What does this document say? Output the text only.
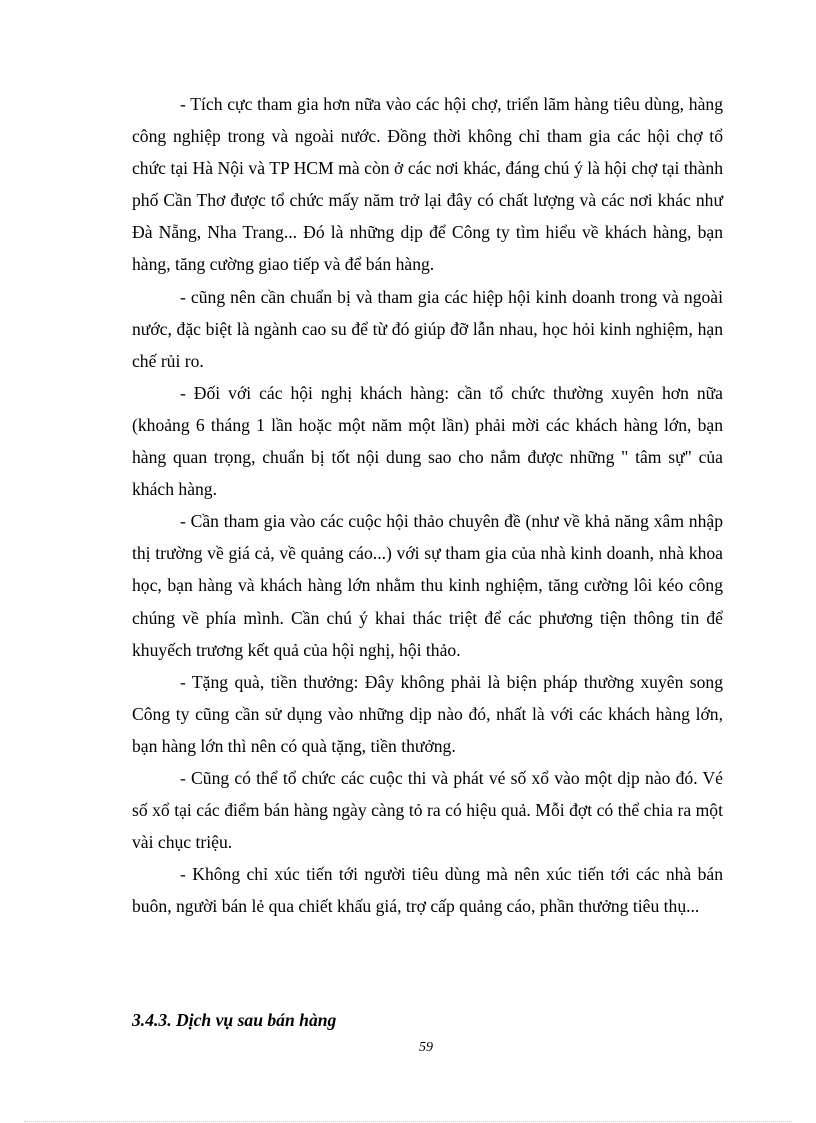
- Tích cực tham gia hơn nữa vào các hội chợ, triển lãm hàng tiêu dùng, hàng công nghiệp trong và ngoài nước. Đồng thời không chỉ tham gia các hội chợ tổ chức tại Hà Nội và TP HCM mà còn ở các nơi khác, đáng chú ý là hội chợ tại thành phố Cần Thơ được tổ chức mấy năm trở lại đây có chất lượng và các nơi khác như Đà Nẵng, Nha Trang... Đó là những dịp để Công ty tìm hiểu về khách hàng, bạn hàng, tăng cường giao tiếp và để bán hàng.

- cũng nên cần chuẩn bị và tham gia các hiệp hội kinh doanh trong và ngoài nước, đặc biệt là ngành cao su để từ đó giúp đỡ lẫn nhau, học hỏi kinh nghiệm, hạn chế rủi ro.

- Đối với các hội nghị khách hàng: cần tổ chức thường xuyên hơn nữa (khoảng 6 tháng 1 lần hoặc một năm một lần) phải mời các khách hàng lớn, bạn hàng quan trọng, chuẩn bị tốt nội dung sao cho nắm được những " tâm sự" của khách hàng.

- Cần tham gia vào các cuộc hội thảo chuyên đề (như về khả năng xâm nhập thị trường về giá cả, về quảng cáo...) với sự tham gia của nhà kinh doanh, nhà khoa học, bạn hàng và khách hàng lớn nhằm thu kinh nghiệm, tăng cường lôi kéo công chúng về phía mình. Cần chú ý khai thác triệt để các phương tiện thông tin để khuyếch trương kết quả của hội nghị, hội thảo.

- Tặng quà, tiền thưởng: Đây không phải là biện pháp thường xuyên song Công ty cũng cần sử dụng vào những dịp nào đó, nhất là với các khách hàng lớn, bạn hàng lớn thì nên có quà tặng, tiền thưởng.

- Cũng có thể tổ chức các cuộc thi và phát vé số xổ vào một dịp nào đó. Vé số xổ tại các điểm bán hàng ngày càng tỏ ra có hiệu quả. Mỗi đợt có thể chia ra một vài chục triệu.

- Không chỉ xúc tiến tới người tiêu dùng mà nên xúc tiến tới các nhà bán buôn, người bán lẻ qua chiết khấu giá, trợ cấp quảng cáo, phần thưởng tiêu thụ...

3.4.3. Dịch vụ sau bán hàng
59
